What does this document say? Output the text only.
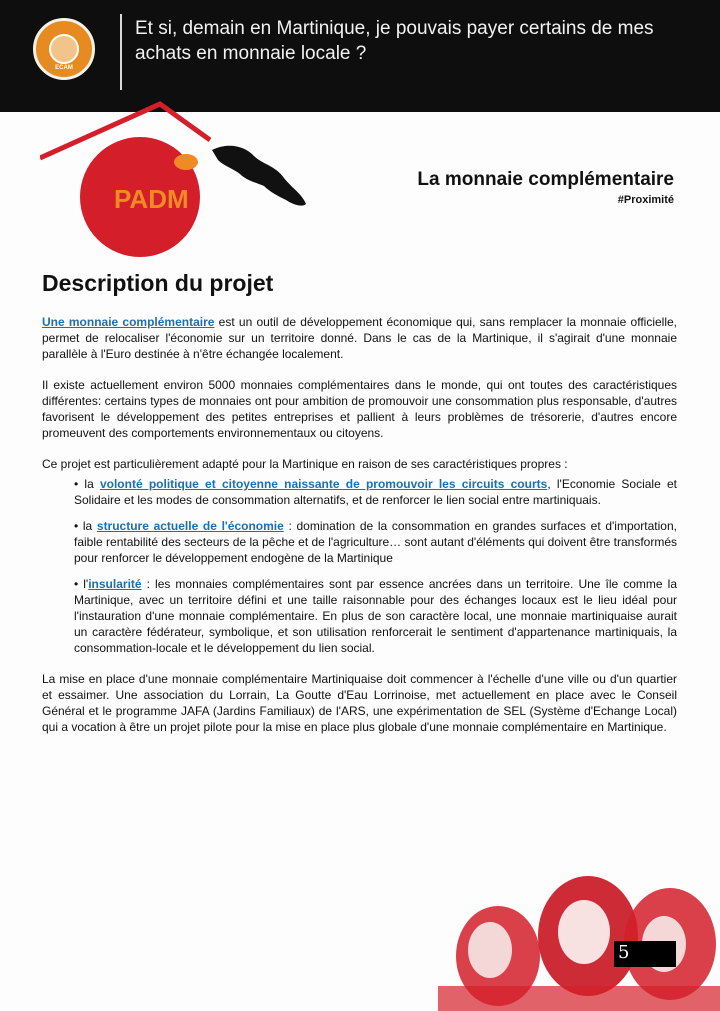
ECAM
Et si, demain en Martinique, je pouvais payer certains de mes achats en monnaie locale ?
PADM
La monnaie complémentaire
#Proximité
Description du projet

Une monnaie complémentaire est un outil de développement économique qui, sans remplacer la monnaie officielle, permet de relocaliser l'économie sur un territoire donné. Dans le cas de la Martinique, il s'agirait d'une monnaie parallèle à l'Euro destinée à n'être échangée localement.

Il existe actuellement environ 5000 monnaies complémentaires dans le monde, qui ont toutes des caractéristiques différentes: certains types de monnaies ont pour ambition de promouvoir une consommation plus responsable, d'autres favorisent le développement des petites entreprises et pallient à leurs problèmes de trésorerie, d'autres encore promeuvent des comportements environnementaux ou citoyens.

Ce projet est particulièrement adapté pour la Martinique en raison de ses caractéristiques propres :

• la volonté politique et citoyenne naissante de promouvoir les circuits courts, l'Economie Sociale et Solidaire et les modes de consommation alternatifs, et de renforcer le lien social entre martiniquais.
• la structure actuelle de l'économie : domination de la consommation en grandes surfaces et d'importation, faible rentabilité des secteurs de la pêche et de l'agriculture… sont autant d'éléments qui doivent être transformés pour renforcer le développement endogène de la Martinique
• l'insularité : les monnaies complémentaires sont par essence ancrées dans un territoire. Une île comme la Martinique, avec un territoire défini et une taille raisonnable pour des échanges locaux est le lieu idéal pour l'instauration d'une monnaie complémentaire. En plus de son caractère local, une monnaie martiniquaise aurait un caractère fédérateur, symbolique, et son utilisation renforcerait le sentiment d'appartenance martiniquais, la consommation-locale et le développement du lien social.

La mise en place d'une monnaie complémentaire Martiniquaise doit commencer à l'échelle d'une ville ou d'un quartier et essaimer. Une association du Lorrain, La Goutte d'Eau Lorrinoise, met actuellement en place avec le Conseil Général et le programme JAFA (Jardins Familiaux) de l'ARS, une expérimentation de SEL (Système d'Echange Local) qui a vocation à être un projet pilote pour la mise en place plus globale d'une monnaie complémentaire en Martinique.

5
